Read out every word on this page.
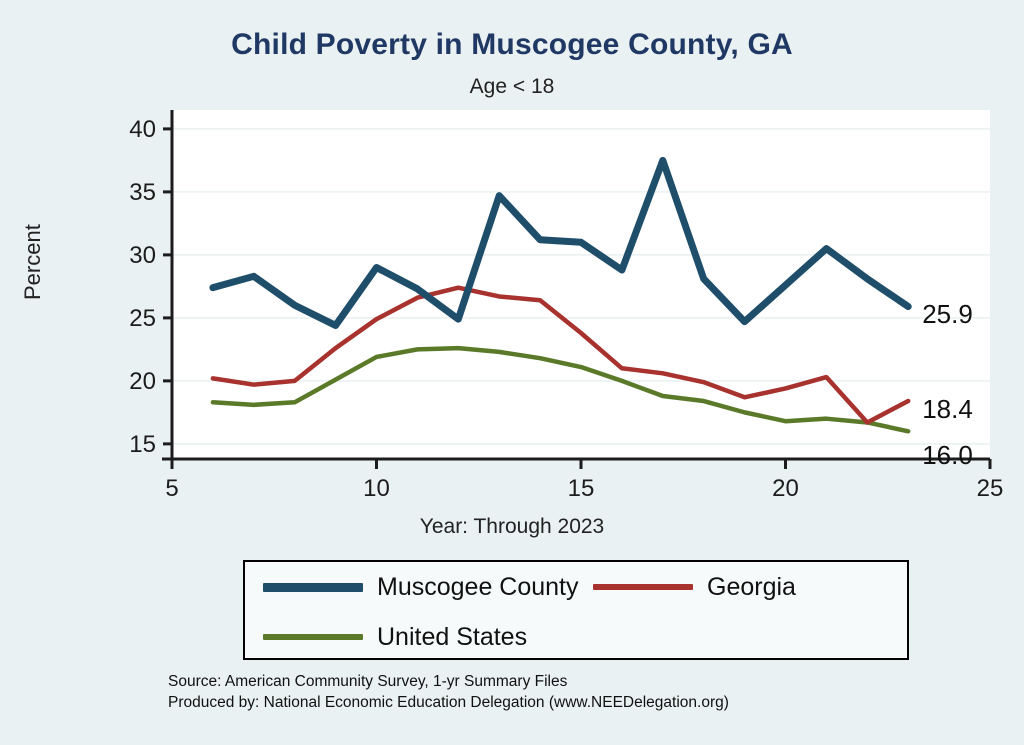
Child Poverty in Muscogee County, GA
Age < 18
Percent
15
20
25
30
35
40
5	10	15	20	25
Year: Through 2023
Muscogee County	Georgia
United States
Source: American Community Survey, 1-yr Summary Files
Produced by: National Economic Education Delegation (www.NEEDelegation.org)
25.9
18.4
16.0
